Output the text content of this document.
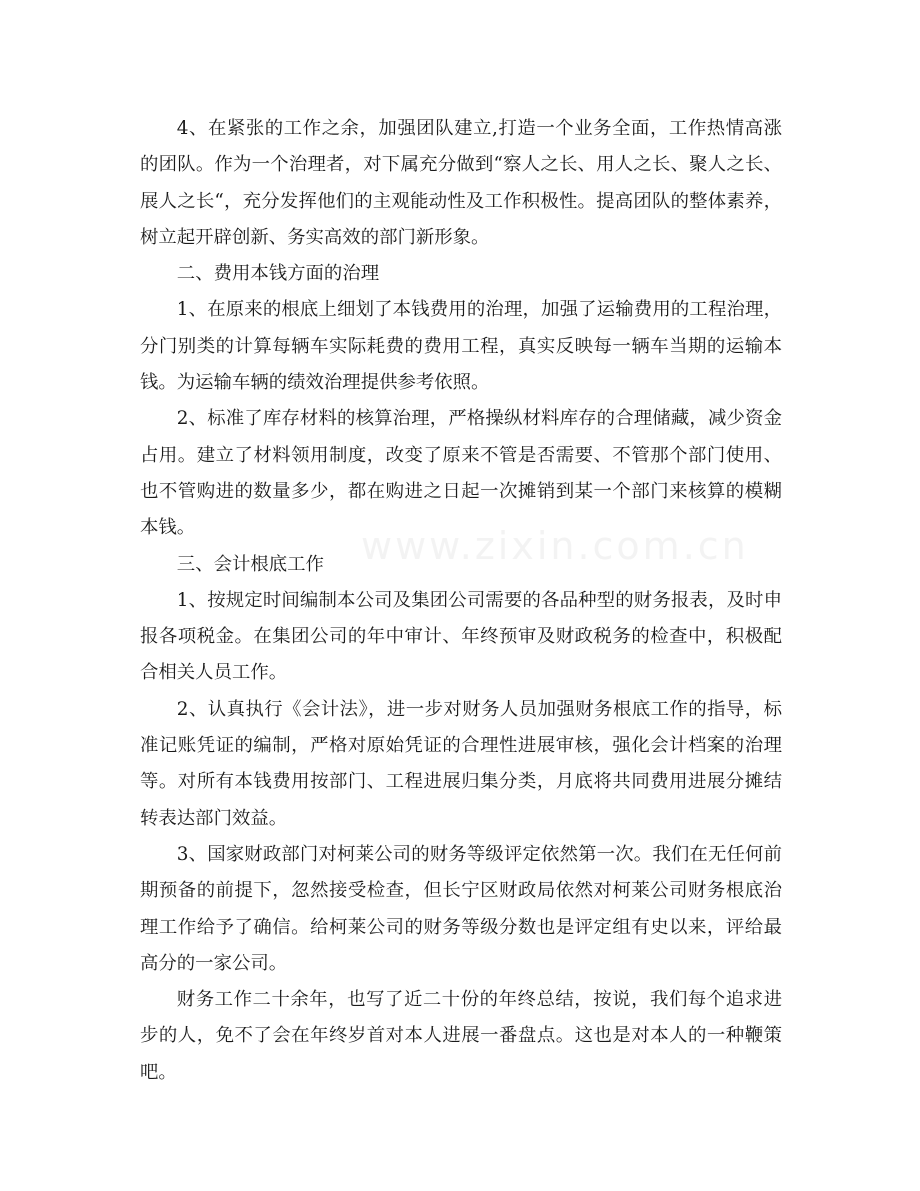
www.zixin.com.cn

4、在紧张的工作之余，加强团队建立,打造一个业务全面，工作热情高涨的团队。作为一个治理者，对下属充分做到“察人之长、用人之长、聚人之长、展人之长“，充分发挥他们的主观能动性及工作积极性。提高团队的整体素养，树立起开辟创新、务实高效的部门新形象。

二、费用本钱方面的治理

1、在原来的根底上细划了本钱费用的治理，加强了运输费用的工程治理，分门别类的计算每辆车实际耗费的费用工程，真实反映每一辆车当期的运输本钱。为运输车辆的绩效治理提供参考依照。

2、标准了库存材料的核算治理，严格操纵材料库存的合理储藏，减少资金占用。建立了材料领用制度，改变了原来不管是否需要、不管那个部门使用、也不管购进的数量多少，都在购进之日起一次摊销到某一个部门来核算的模糊本钱。

三、会计根底工作

1、按规定时间编制本公司及集团公司需要的各品种型的财务报表，及时申报各项税金。在集团公司的年中审计、年终预审及财政税务的检查中，积极配合相关人员工作。

2、认真执行《会计法》，进一步对财务人员加强财务根底工作的指导，标准记账凭证的编制，严格对原始凭证的合理性进展审核，强化会计档案的治理等。对所有本钱费用按部门、工程进展归集分类，月底将共同费用进展分摊结转表达部门效益。

3、国家财政部门对柯莱公司的财务等级评定依然第一次。我们在无任何前期预备的前提下，忽然接受检查，但长宁区财政局依然对柯莱公司财务根底治理工作给予了确信。给柯莱公司的财务等级分数也是评定组有史以来，评给最高分的一家公司。

财务工作二十余年，也写了近二十份的年终总结，按说，我们每个追求进步的人，免不了会在年终岁首对本人进展一番盘点。这也是对本人的一种鞭策吧。
